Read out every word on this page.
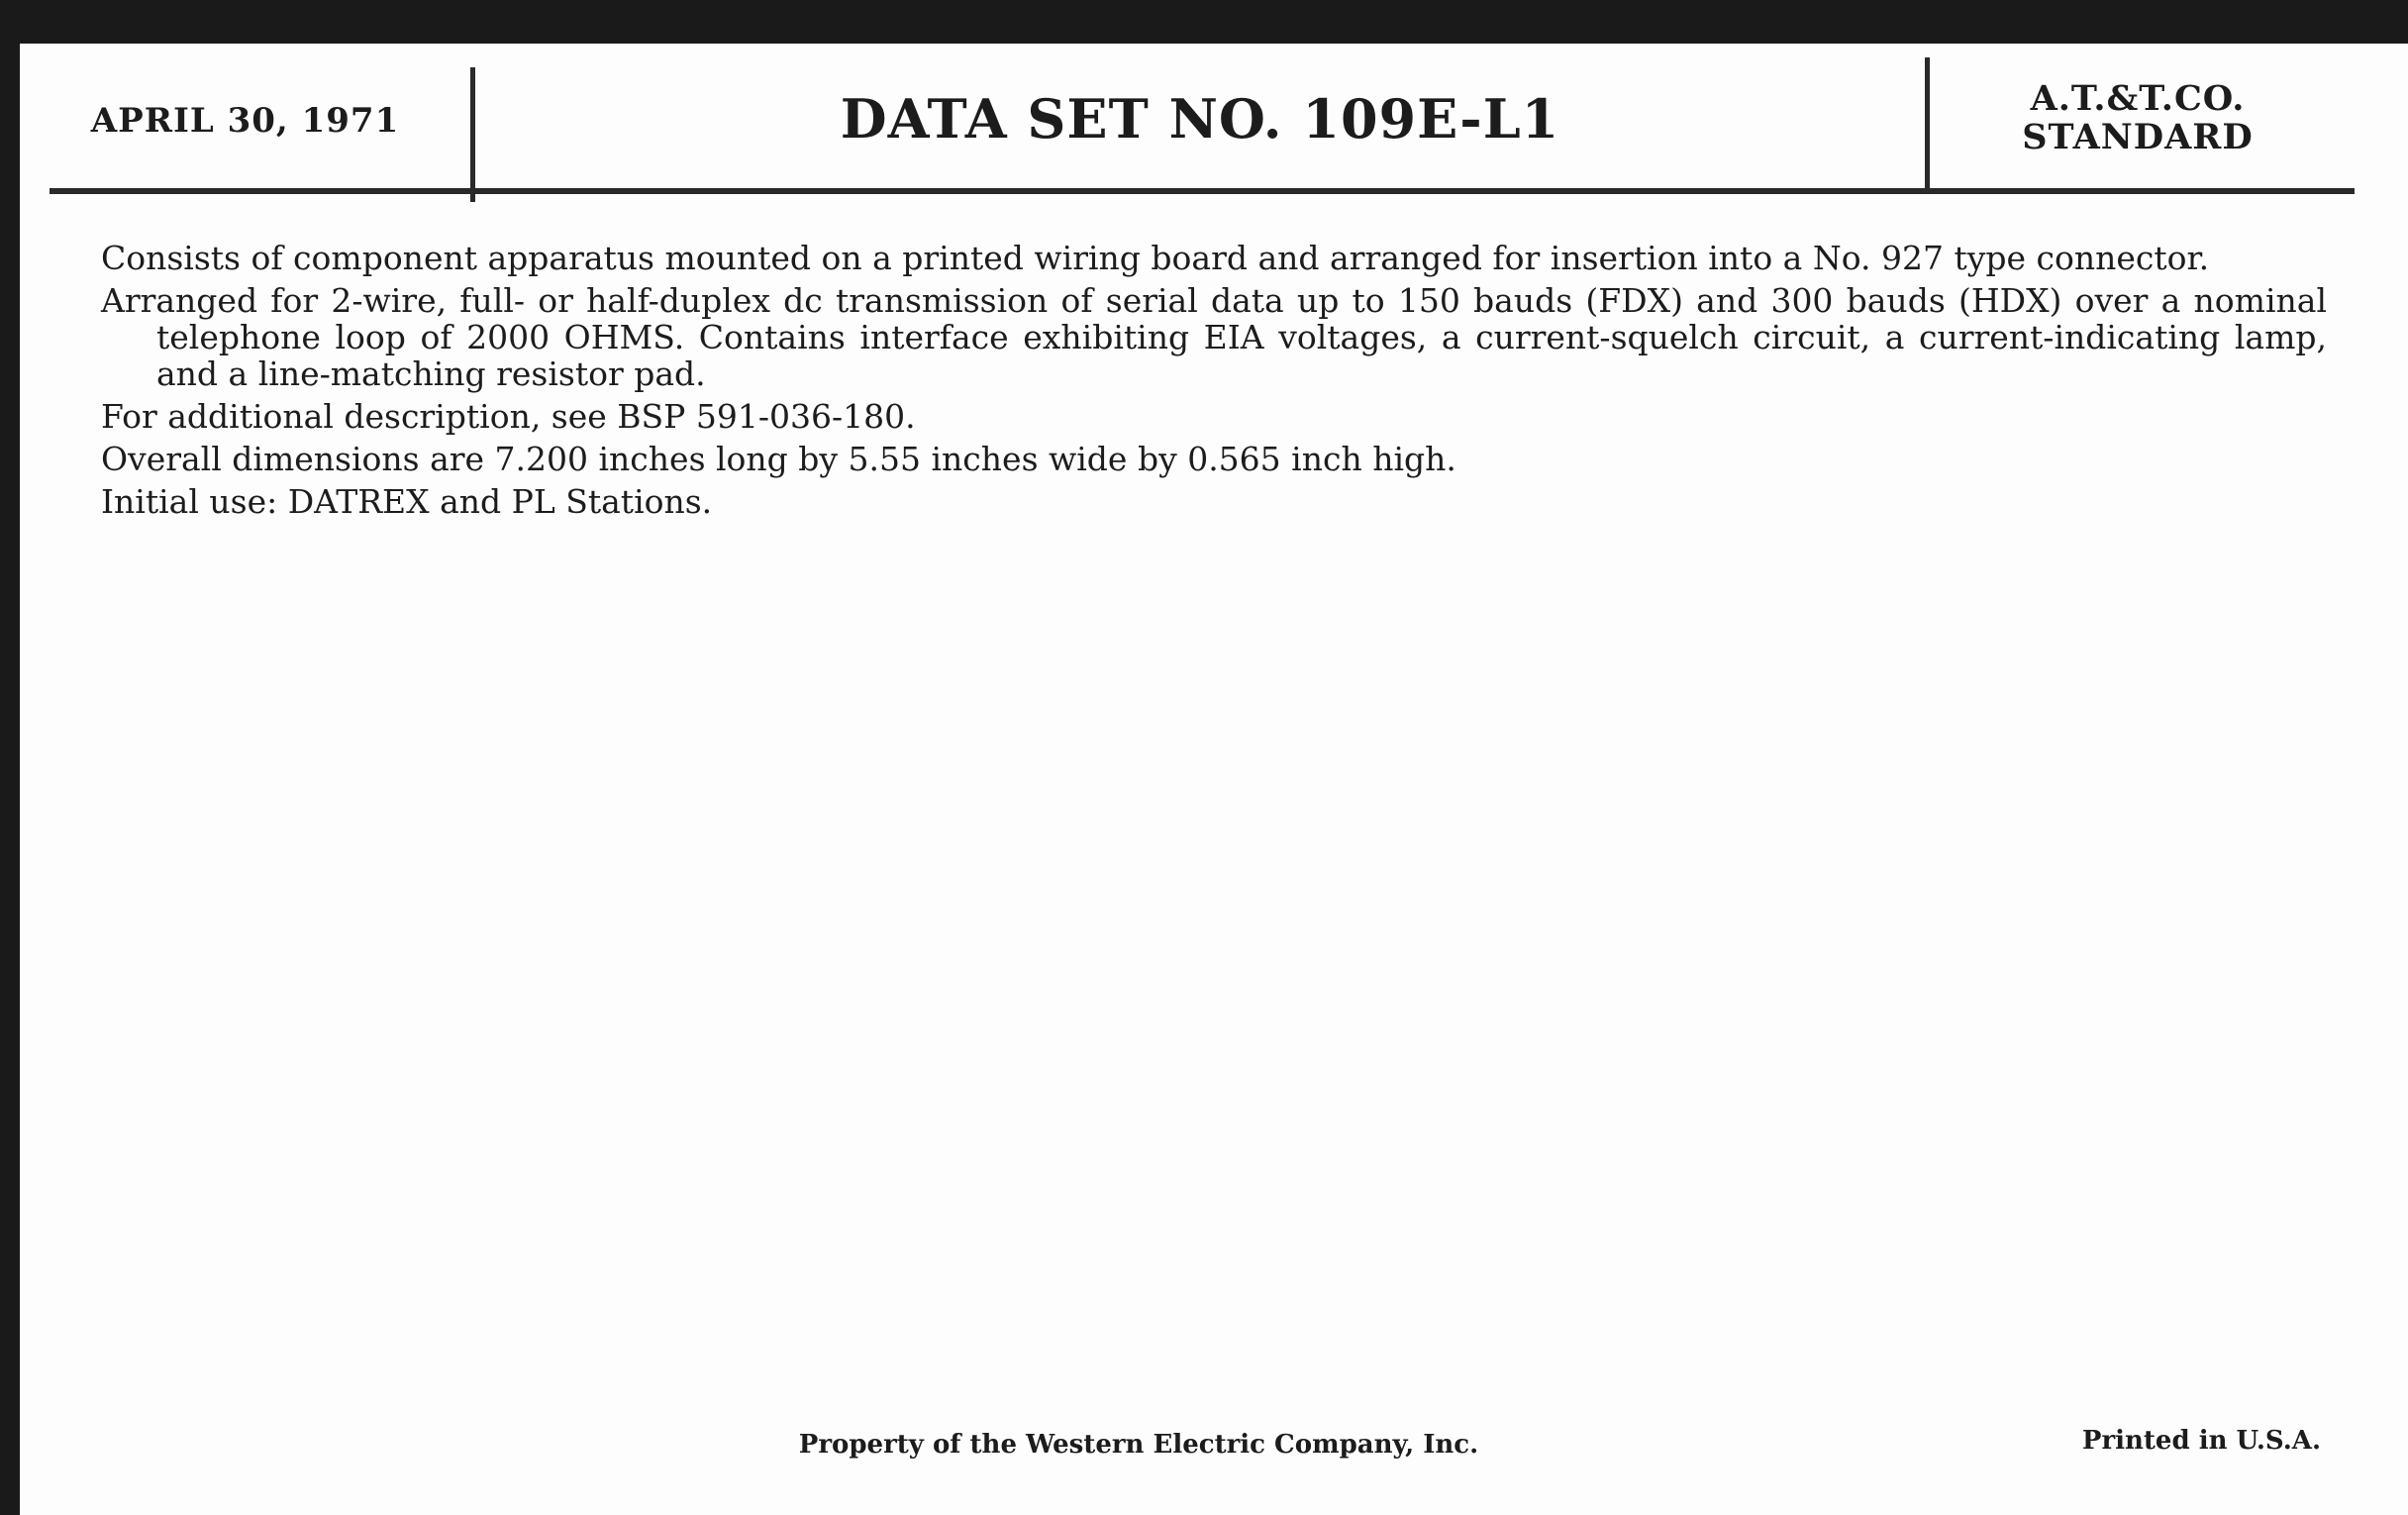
APRIL 30, 1971	DATA SET NO. 109E-L1	A.T.&T.CO.
STANDARD

Consists of component apparatus mounted on a printed wiring board and arranged for insertion into a No. 927 type connector.

Arranged for 2-wire, full- or half-duplex dc transmission of serial data up to 150 bauds (FDX) and 300 bauds (HDX) over a nominal telephone loop of 2000 OHMS. Contains interface exhibiting EIA voltages, a current-squelch circuit, a current-indicating lamp, and a line-matching resistor pad.

For additional description, see BSP 591-036-180.

Overall dimensions are 7.200 inches long by 5.55 inches wide by 0.565 inch high.

Initial use: DATREX and PL Stations.

Property of the Western Electric Company, Inc.	Printed in U.S.A.
